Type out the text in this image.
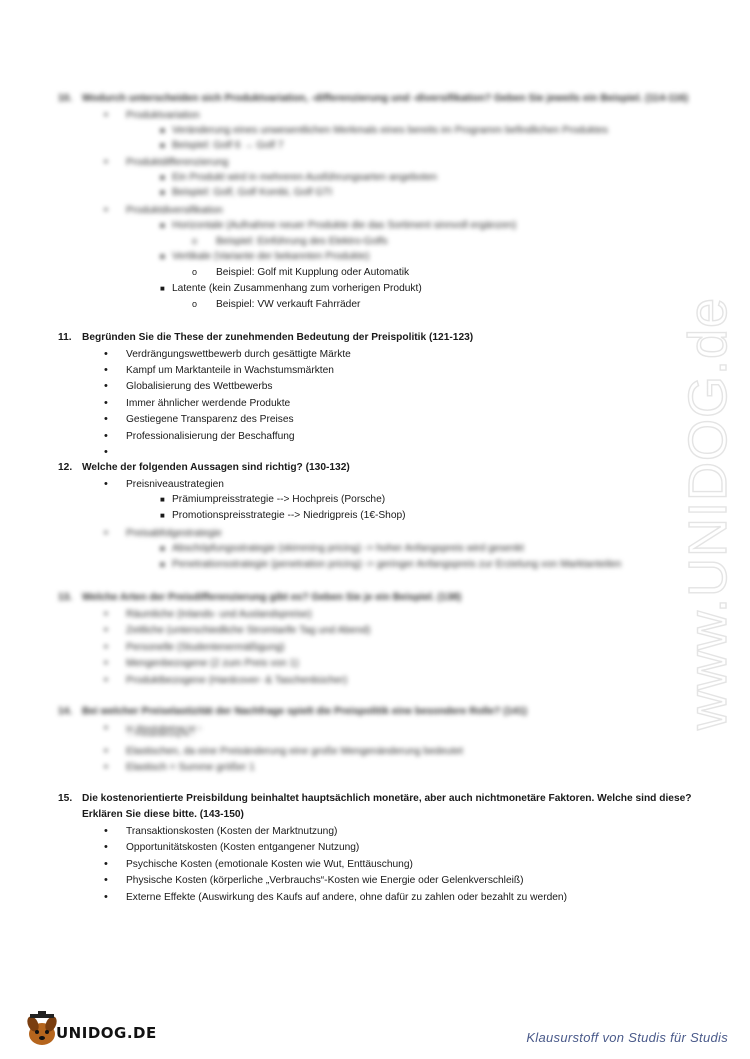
10. Wodurch unterscheiden sich Produktvariation, -differenzierung und -diversifikation? Geben Sie jeweils ein Beispiel. (114-116)
• Produktvariation
■ Veränderung eines unwesentlichen Merkmals eines bereits im Programm befindlichen Produktes
■ Beispiel: Golf 6 → Golf 7
• Produktdifferenzierung
■ Ein Produkt wird in mehreren Ausführungsarten angeboten
■ Beispiel: Golf, Golf Kombi, Golf GTI
• Produktdiversifikation
■ Horizontale (Aufnahme neuer Produkte die das Sortiment sinnvoll ergänzen)
o Beispiel: Einführung des Elektro-Golfs
■ Vertikale (Variante der bekannten Produkte)
o Beispiel: Golf mit Kupplung oder Automatik
■ Latente (kein Zusammenhang zum vorherigen Produkt)
o Beispiel: VW verkauft Fahrräder
11. Begründen Sie die These der zunehmenden Bedeutung der Preispolitik (121-123)
• Verdrängungswettbewerb durch gesättigte Märkte
• Kampf um Marktanteile in Wachstumsmärkten
• Globalisierung des Wettbewerbs
• Immer ähnlicher werdende Produkte
• Gestiegene Transparenz des Preises
• Professionalisierung der Beschaffung
•
12. Welche der folgenden Aussagen sind richtig? (130-132)
• Preisniveaustrategien
■ Prämiumpreisstrategie --> Hochpreis (Porsche)
■ Promotionspreisstrategie --> Niedrigpreis (1€-Shop)
• Preisabfolgestrategie
■ Abschöpfungsstrategie (skimming pricing) -> hoher Anfangspreis wird gesenkt
■ Penetrationsstrategie (penetration pricing) -> geringer Anfangspreis zur Erzielung von Marktanteilen
13. Welche Arten der Preisdifferenzierung gibt es? Geben Sie je ein Beispiel. (138)
• Räumliche (Inlands- und Auslandspreise)
• Zeitliche (unterschiedliche Stromtarife Tag und Abend)
• Personelle (Studentenermäßigung)
• Mengenbezogene (2 zum Preis von 1)
• Produktbezogene (Hardcover- & Taschenbücher)
14. Bei welcher Preiselastizität der Nachfrage spielt die Preispolitik eine besondere Rolle? (141)
• |ε| Absolutbetrag ist ↑
→ Preisänderung ist ↑
• Elastischen, da eine Preisänderung eine große Mengenänderung bedeutet
• Elastisch = Summe größer 1
15. Die kostenorientierte Preisbildung beinhaltet hauptsächlich monetäre, aber auch nichtmonetäre Faktoren. Welche sind diese?
Erklären Sie diese bitte. (143-150)
• Transaktionskosten (Kosten der Marktnutzung)
• Opportunitätskosten (Kosten entgangener Nutzung)
• Psychische Kosten (emotionale Kosten wie Wut, Enttäuschung)
• Physische Kosten (körperliche „Verbrauchs“-Kosten wie Energie oder Gelenkverschleiß)
• Externe Effekte (Auswirkung des Kaufs auf andere, ohne dafür zu zahlen oder bezahlt zu werden)
www.UNIDOG.de
UNIDOG.DE	Klausurstoff von Studis für Studis
